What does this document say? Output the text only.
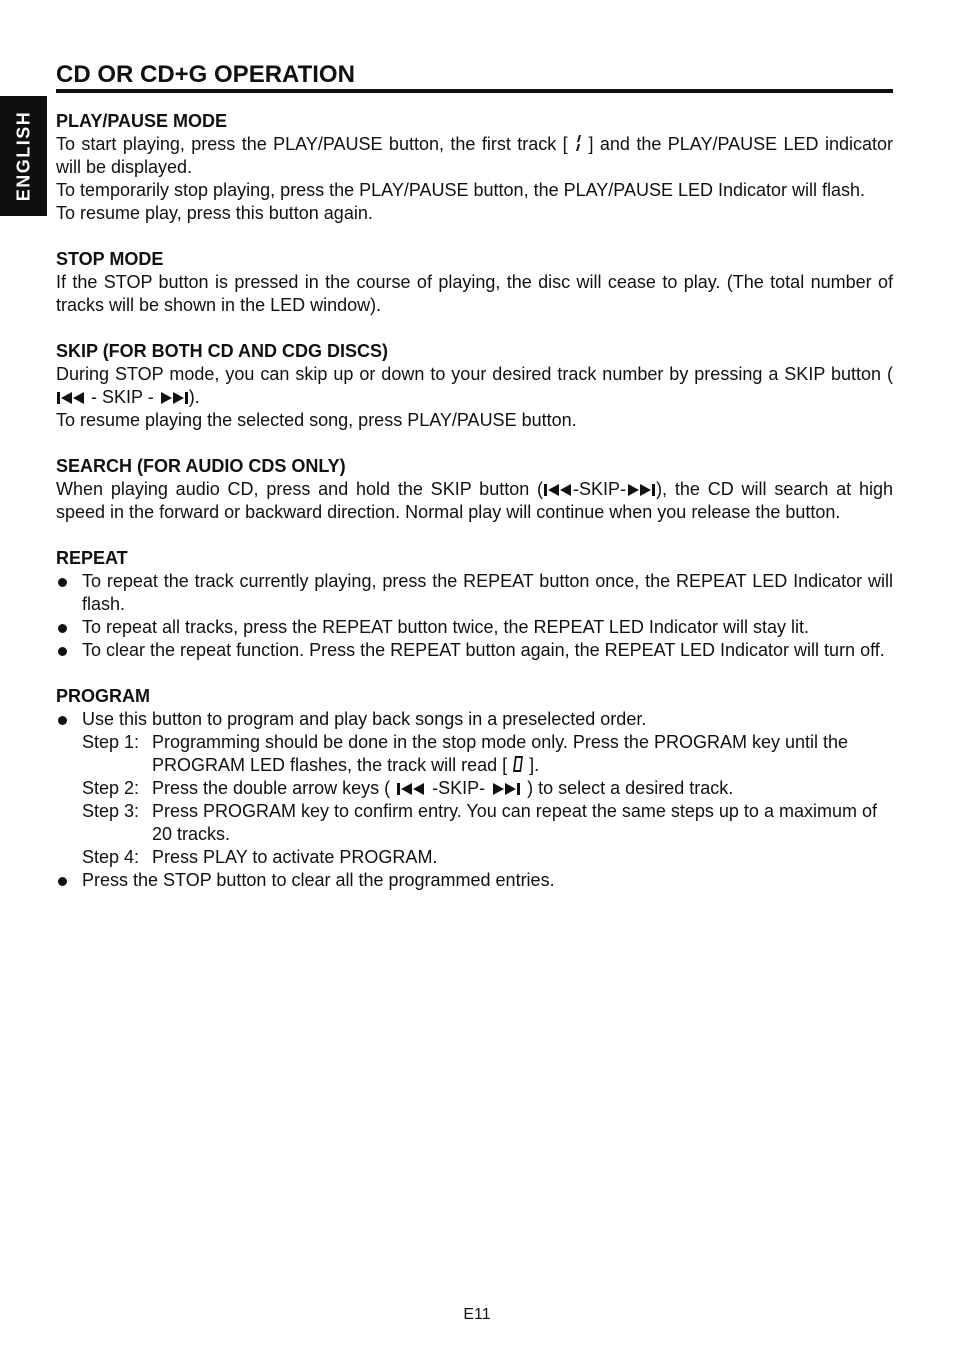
ENGLISH
CD OR CD+G OPERATION
PLAY/PAUSE MODE

To start playing, press the PLAY/PAUSE button, the first track [  ] and the PLAY/PAUSE LED indicator will be displayed.

To temporarily stop playing, press the PLAY/PAUSE button, the PLAY/PAUSE LED Indicator will flash.

To resume play, press this button again.

STOP MODE

If the STOP button is pressed in the course of playing, the disc will cease to play. (The total number of tracks will be shown in the LED window).

SKIP (FOR BOTH CD AND CDG DISCS)

During STOP mode, you can skip up or down to your desired track number by pressing a SKIP button ( - SKIP - ).

To resume playing the selected song, press PLAY/PAUSE button.

SEARCH (FOR AUDIO CDS ONLY)

When playing audio CD, press and hold the SKIP button ( -SKIP- ), the CD will search at high speed in the forward or backward direction. Normal play will continue when you release the button.

REPEAT
To repeat the track currently playing, press the REPEAT button once, the REPEAT LED Indicator will flash.
To repeat all tracks, press the REPEAT button twice, the REPEAT LED Indicator will stay lit.
To clear the repeat function. Press the REPEAT button again, the REPEAT LED Indicator will turn off.
PROGRAM
Use this button to program and play back songs in a preselected order.
Step 1: Programming should be done in the stop mode only. Press the PROGRAM key until the PROGRAM LED flashes, the track will read [  ].
Step 2: Press the double arrow keys (  -SKIP-  ) to select a desired track.
Step 3: Press PROGRAM key to confirm entry. You can repeat the same steps up to a maximum of 20 tracks.
Step 4: Press PLAY to activate PROGRAM.
Press the STOP button to clear all the programmed entries.
E11
